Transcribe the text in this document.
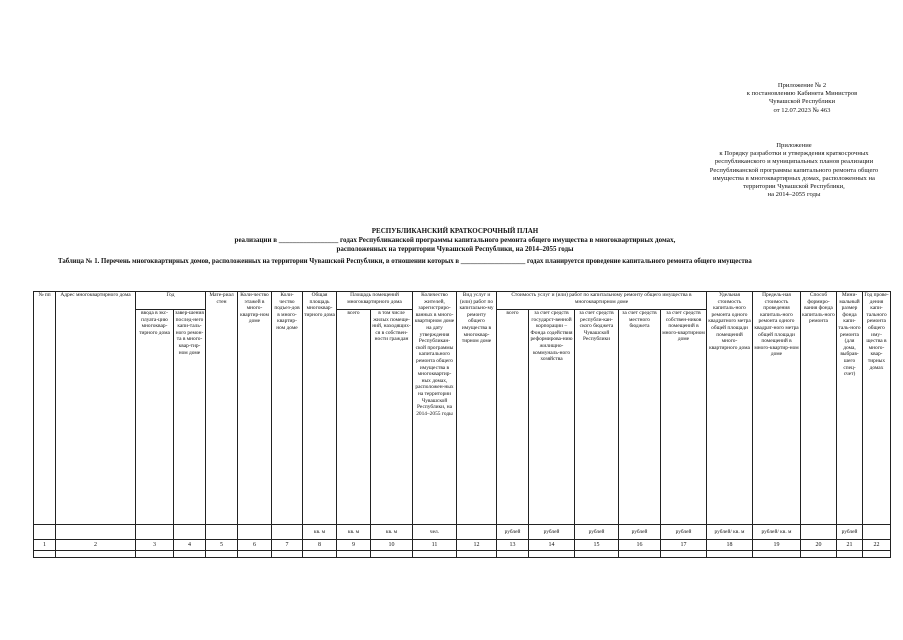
Приложение № 2
к постановлению Кабинета Министров
Чувашской Республики
от 12.07.2023 № 463
Приложение
к Порядку разработки и утверждения краткосрочных
республиканского и муниципальных планов реализации
Республиканской программы капитального ремонта общего
имущества в многоквартирных домах, расположенных на
территории Чувашской Республики,
на 2014–2055 годы
РЕСПУБЛИКАНСКИЙ КРАТКОСРОЧНЫЙ ПЛАН
реализации в _________________ годах Республиканской программы капитального ремонта общего имущества в многоквартирных домах,
расположенных на территории Чувашской Республики, на 2014–2055 годы
Таблица № 1. Перечень многоквартирных домов, расположенных на территории Чувашской Республики, в отношении которых в ___________________ годах планируется проведение капитального ремонта общего имущества
№ пп	Адрес многоквартирного дома	Год		Мате-риал стен	Коли-чество этажей в много-квартир-ном доме	Коли-чество подъез-дов в много-квартир-ном доме	Общая площадь многоквар-тирного дома	Площадь помещений многоквартирного дома		Количество жителей, зарегистриро-ванных в много-квартирном доме на дату утверждения Республикан-ской программы капитального ремонта общего имущества в многоквартир-ных домах, расположен-ных на территории Чувашской Республики, на 2014–2055 годы	Вид услуг и (или) работ по капитально-му ремонту общего имущества в многоквар-тирном доме	Стоимость услуг и (или) работ по капитальному ремонту общего имущества в многоквартирном доме					Удельная стоимость капиталь-ного ремонта одного квадратного метра общей площади помещений много-квартирного дома	Предель-ная стоимость проведения капиталь-ного ремонта одного квадрат-ного метра общей площади помещений в много-квартир-ном доме	Способ формиро-вания фонда капиталь-ного ремонта	Мини-мальный размер фонда капи-таль-ного ремонта (для дома, выбрав-шего спец-счет)	Год прове-дения капи-тального ремонта общего иму-щества в много-квар-тирных домах
		ввода в экс-плуата-цию многоквар-тирного дома	завер-шения послед-него капи-таль-ного ремон-та в много-квар-тир-ном доме					всего	в том числе жилых помеще-ний, находящих-ся в собствен-ности граждан			всего	за счет средств государст-венной корпорации – Фонда содействия реформирова-нию жилищно-коммуналь-ного хозяйства	за счет средств республи-кан-ского бюджета Чувашской Республики	за счет средств местного бюджета	за счет средств собствен-ников помещений в много-квартирном доме					
							кв. м	кв. м	кв. м	чел.		рублей	рублей	рублей	рублей	рублей	рублей/ кв. м	рублей/ кв. м		рублей	
1	2	3	4	5	6	7	8	9	10	11	12	13	14	15	16	17	18	19	20	21	22
